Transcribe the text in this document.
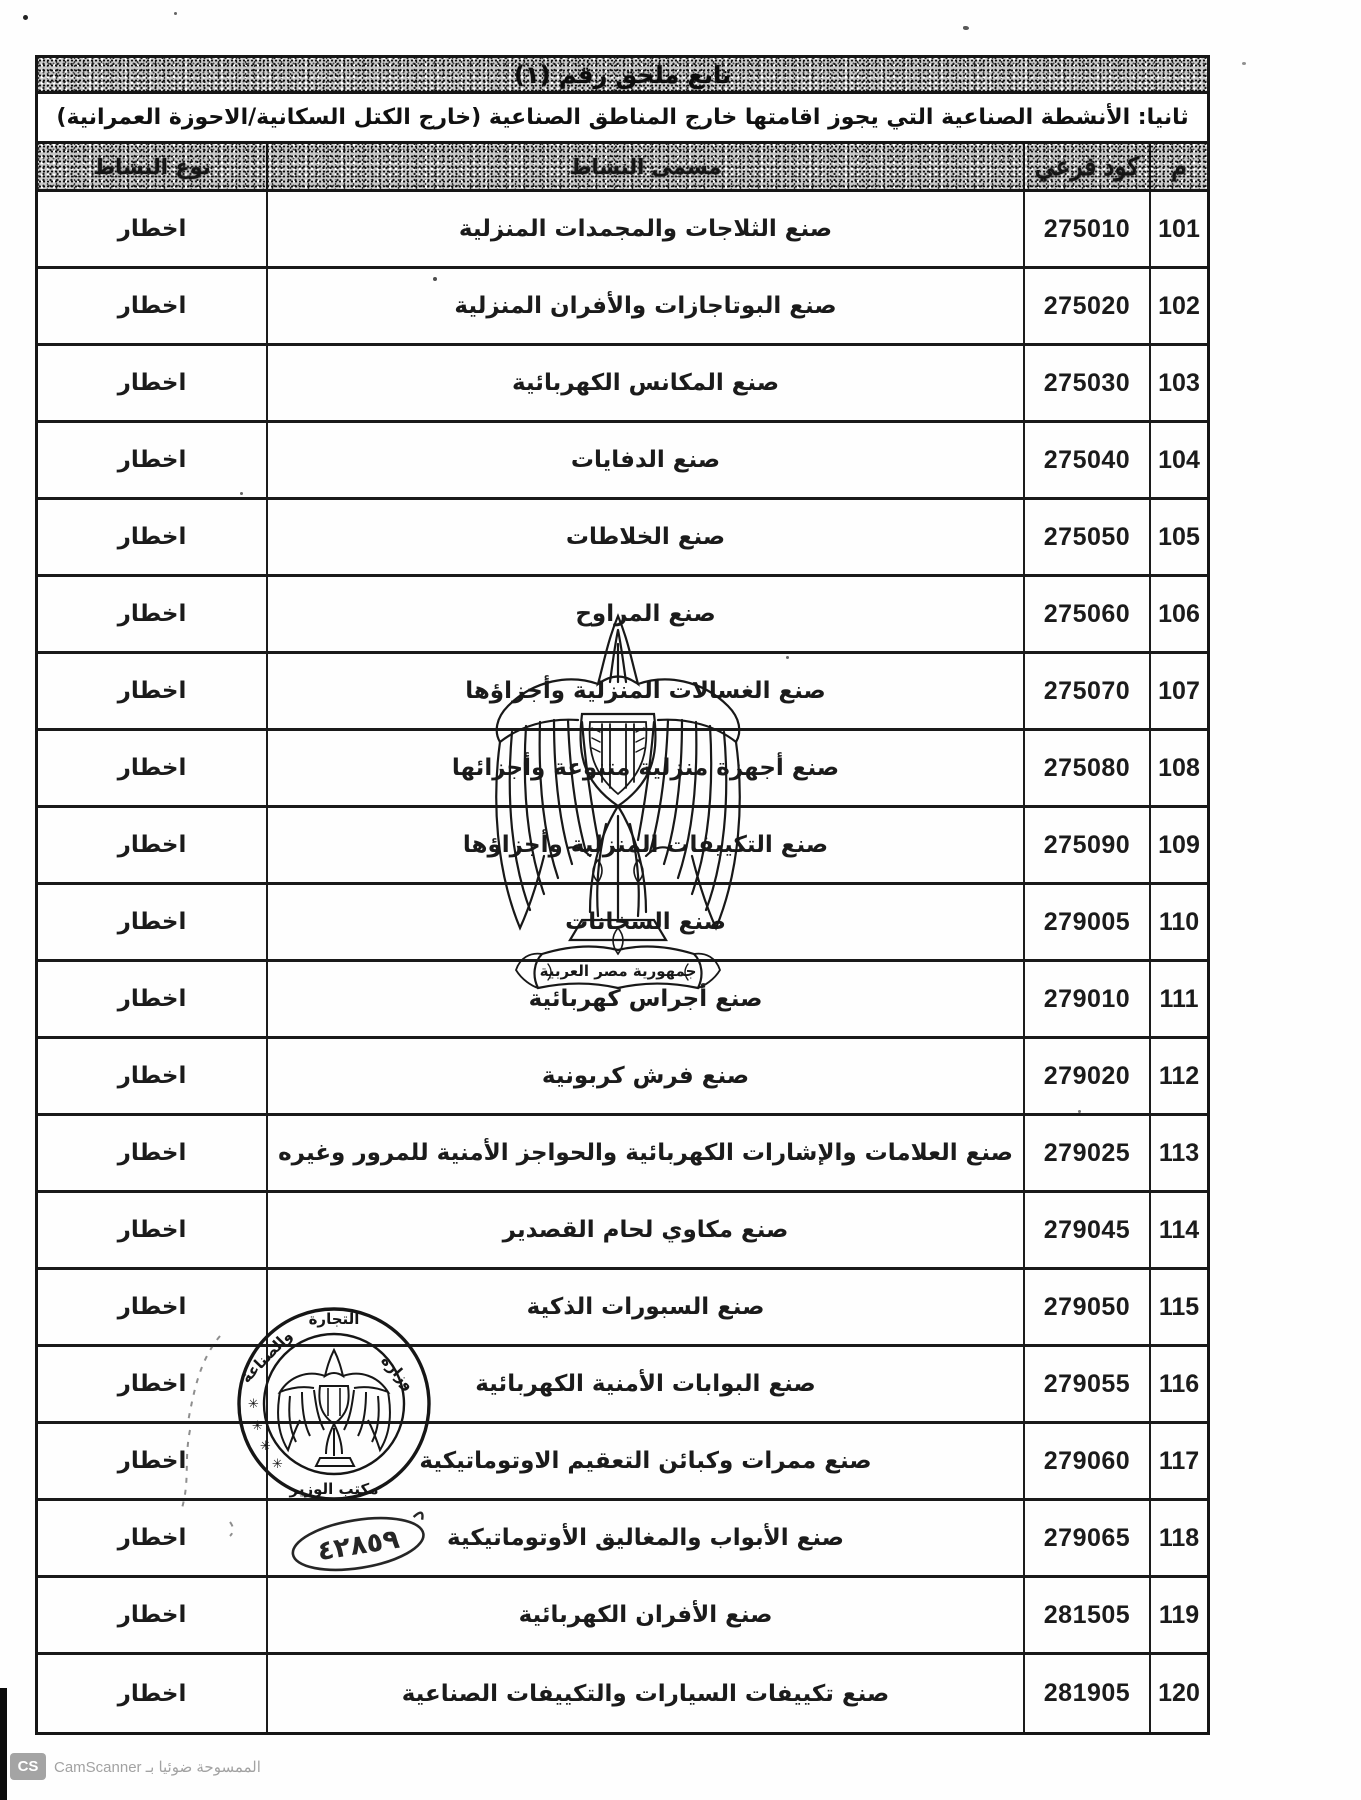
تابع ملحق رقم (١)
ثانيا: الأنشطة الصناعية التي يجوز اقامتها خارج المناطق الصناعية (خارج الكتل السكانية/الاحوزة العمرانية)
م
كود فرعي
مسمى النشاط
نوع النشاط
101
275010
صنع الثلاجات والمجمدات المنزلية
اخطار
102
275020
صنع البوتاجازات والأفران المنزلية
اخطار
103
275030
صنع المكانس الكهربائية
اخطار
104
275040
صنع الدفايات
اخطار
105
275050
صنع الخلاطات
اخطار
106
275060
صنع المراوح
اخطار
107
275070
صنع الغسالات المنزلية وأجزاؤها
اخطار
108
275080
صنع أجهزة منزلية متنوعة وأجزائها
اخطار
109
275090
صنع التكييفات المنزلية وأجزاؤها
اخطار
110
279005
صنع السخانات
اخطار
111
279010
صنع أجراس كهربائية
اخطار
112
279020
صنع فرش كربونية
اخطار
113
279025
صنع العلامات والإشارات الكهربائية والحواجز الأمنية للمرور وغيره
اخطار
114
279045
صنع مكاوي لحام القصدير
اخطار
115
279050
صنع السبورات الذكية
اخطار
116
279055
صنع البوابات الأمنية الكهربائية
اخطار
117
279060
صنع ممرات وكبائن التعقيم الاوتوماتيكية
اخطار
118
279065
صنع الأبواب والمغاليق الأوتوماتيكية
اخطار
119
281505
صنع الأفران الكهربائية
اخطار
120
281905
صنع تكييفات السيارات والتكييفات الصناعية
اخطار
جمهورية مصر العربية
وزارة
التجارة
والصناعة
✳
✳
✳
✳
مكتب الوزير
٤٢٨٥٩
CS	الممسوحة ضوئيا بـ CamScanner
